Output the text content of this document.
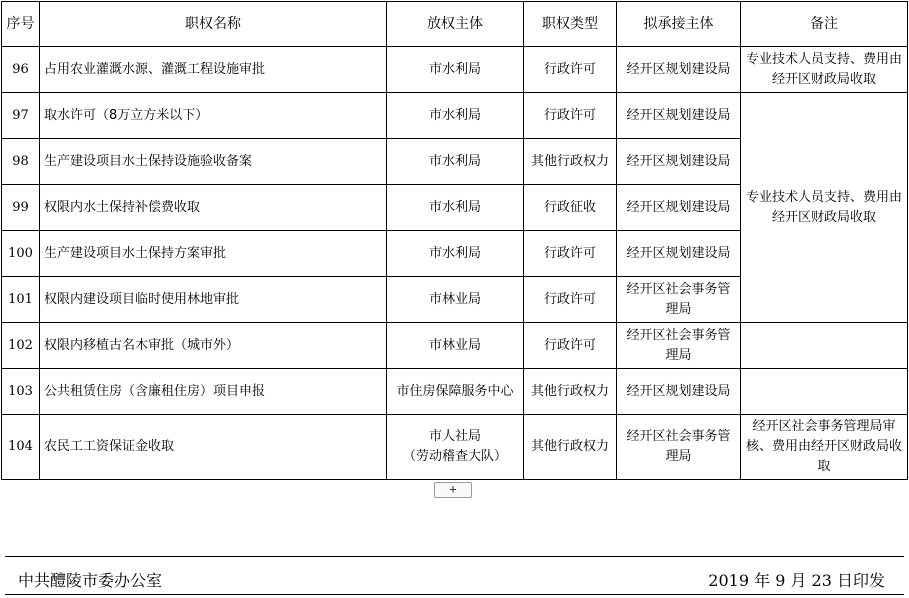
序号	职权名称	放权主体	职权类型	拟承接主体	备注
96	占用农业灌溉水源、灌溉工程设施审批	市水利局	行政许可	经开区规划建设局	专业技术人员支持、费用由经开区财政局收取
97	取水许可（8万立方米以下）	市水利局	行政许可	经开区规划建设局	专业技术人员支持、费用由经开区财政局收取
98	生产建设项目水土保持设施验收备案	市水利局	其他行政权力	经开区规划建设局	
99	权限内水土保持补偿费收取	市水利局	行政征收	经开区规划建设局	
100	生产建设项目水土保持方案审批	市水利局	行政许可	经开区规划建设局	
101	权限内建设项目临时使用林地审批	市林业局	行政许可	经开区社会事务管理局	
102	权限内移植古名木审批（城市外）	市林业局	行政许可	经开区社会事务管理局	
103	公共租赁住房（含廉租住房）项目申报	市住房保障服务中心	其他行政权力	经开区规划建设局	
104	农民工工资保证金收取	市人社局
（劳动稽查大队）	其他行政权力	经开区社会事务管理局	经开区社会事务管理局审核、费用由经开区财政局收取
+
中共醴陵市委办公室	2019 年 9 月 23 日印发
